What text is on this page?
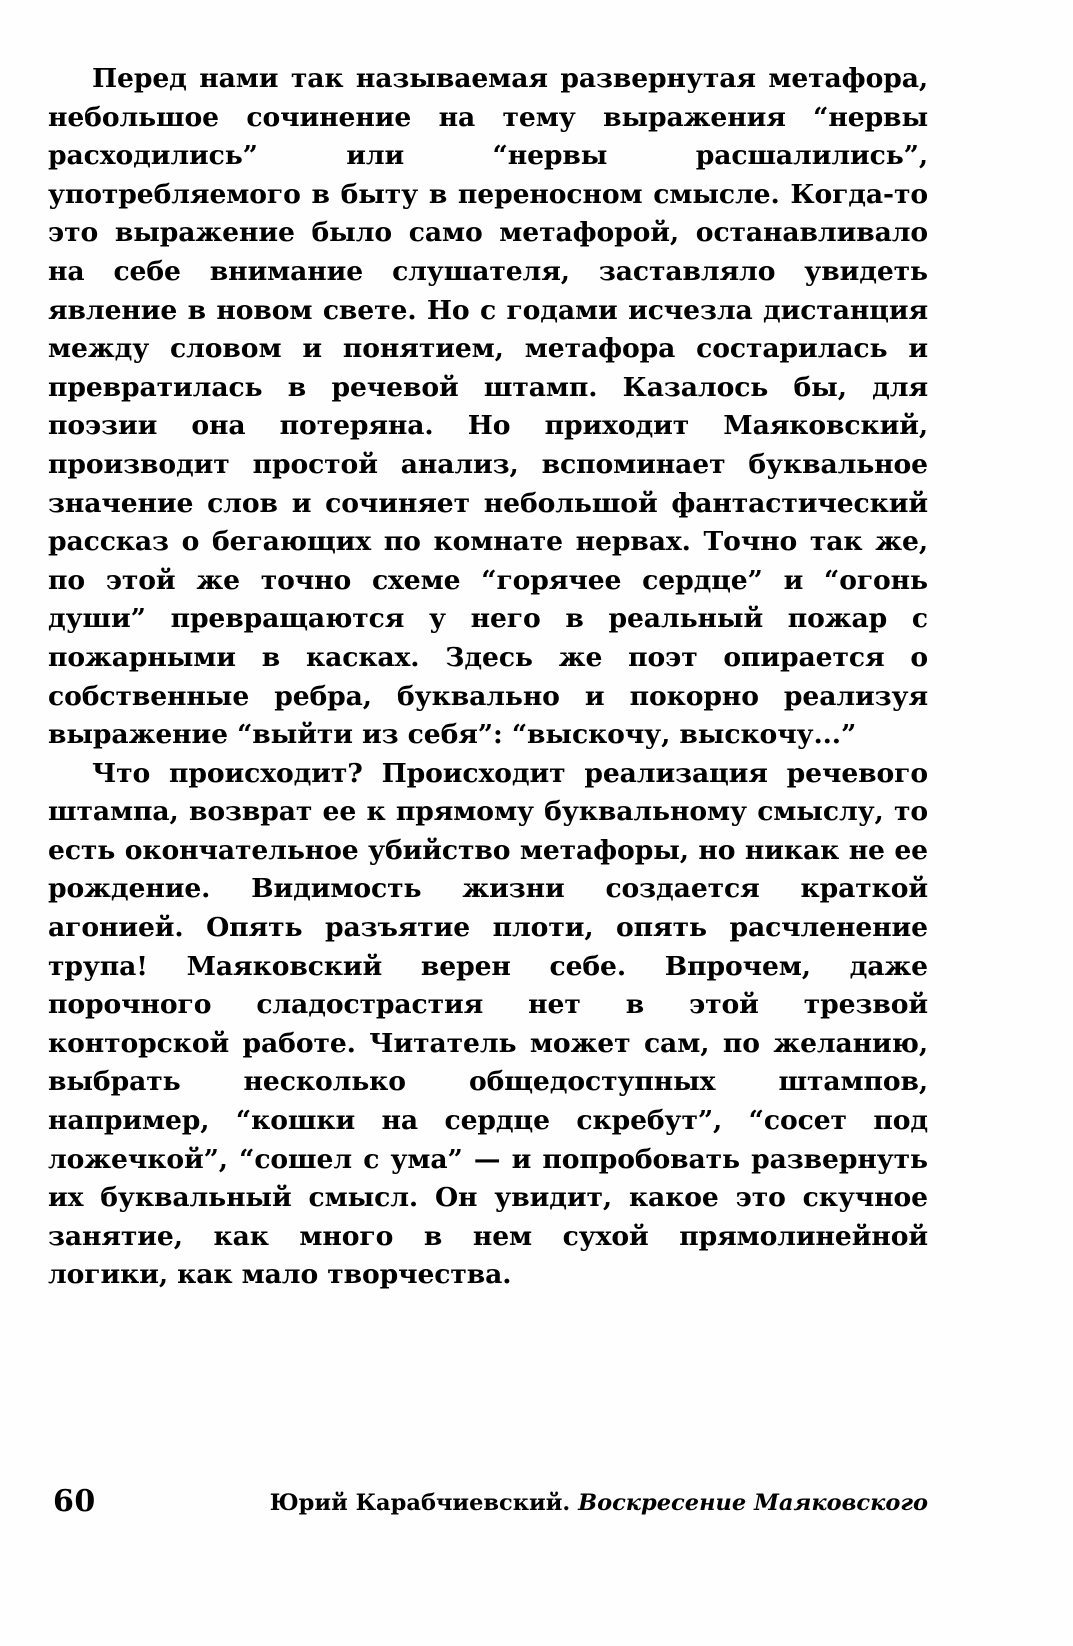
Перед нами так называемая развернутая метафора, небольшое сочинение на тему выражения “нервы расходились” или “нервы расшалились”, употребляемого в быту в переносном смысле. Когда-то это выражение было само метафорой, останавливало на себе внимание слушателя, заставляло увидеть явление в новом свете. Но с годами исчезла дистанция между словом и понятием, метафора состарилась и превратилась в речевой штамп. Казалось бы, для поэзии она потеряна. Но приходит Маяковский, производит простой анализ, вспоминает буквальное значение слов и сочиняет небольшой фантастический рассказ о бегающих по комнате нервах. Точно так же, по этой же точно схеме “горячее сердце” и “огонь души” превращаются у него в реальный пожар с пожарными в касках. Здесь же поэт опирается о собственные ребра, буквально и покорно реализуя выражение “выйти из себя”: “выскочу, выскочу...”

Что происходит? Происходит реализация речевого штампа, возврат ее к прямому буквальному смыслу, то есть окончательное убийство метафоры, но никак не ее рождение. Видимость жизни создается краткой агонией. Опять разъятие плоти, опять расчленение трупа! Маяковский верен себе. Впрочем, даже порочного сладострастия нет в этой трезвой конторской работе. Читатель может сам, по желанию, выбрать несколько общедоступных штампов, например, “кошки на сердце скребут”, “сосет под ложечкой”, “сошел с ума” — и попробовать развернуть их буквальный смысл. Он увидит, какое это скучное занятие, как много в нем сухой прямолинейной логики, как мало творчества.

60	Юрий Карабчиевский. Воскресение Маяковского
